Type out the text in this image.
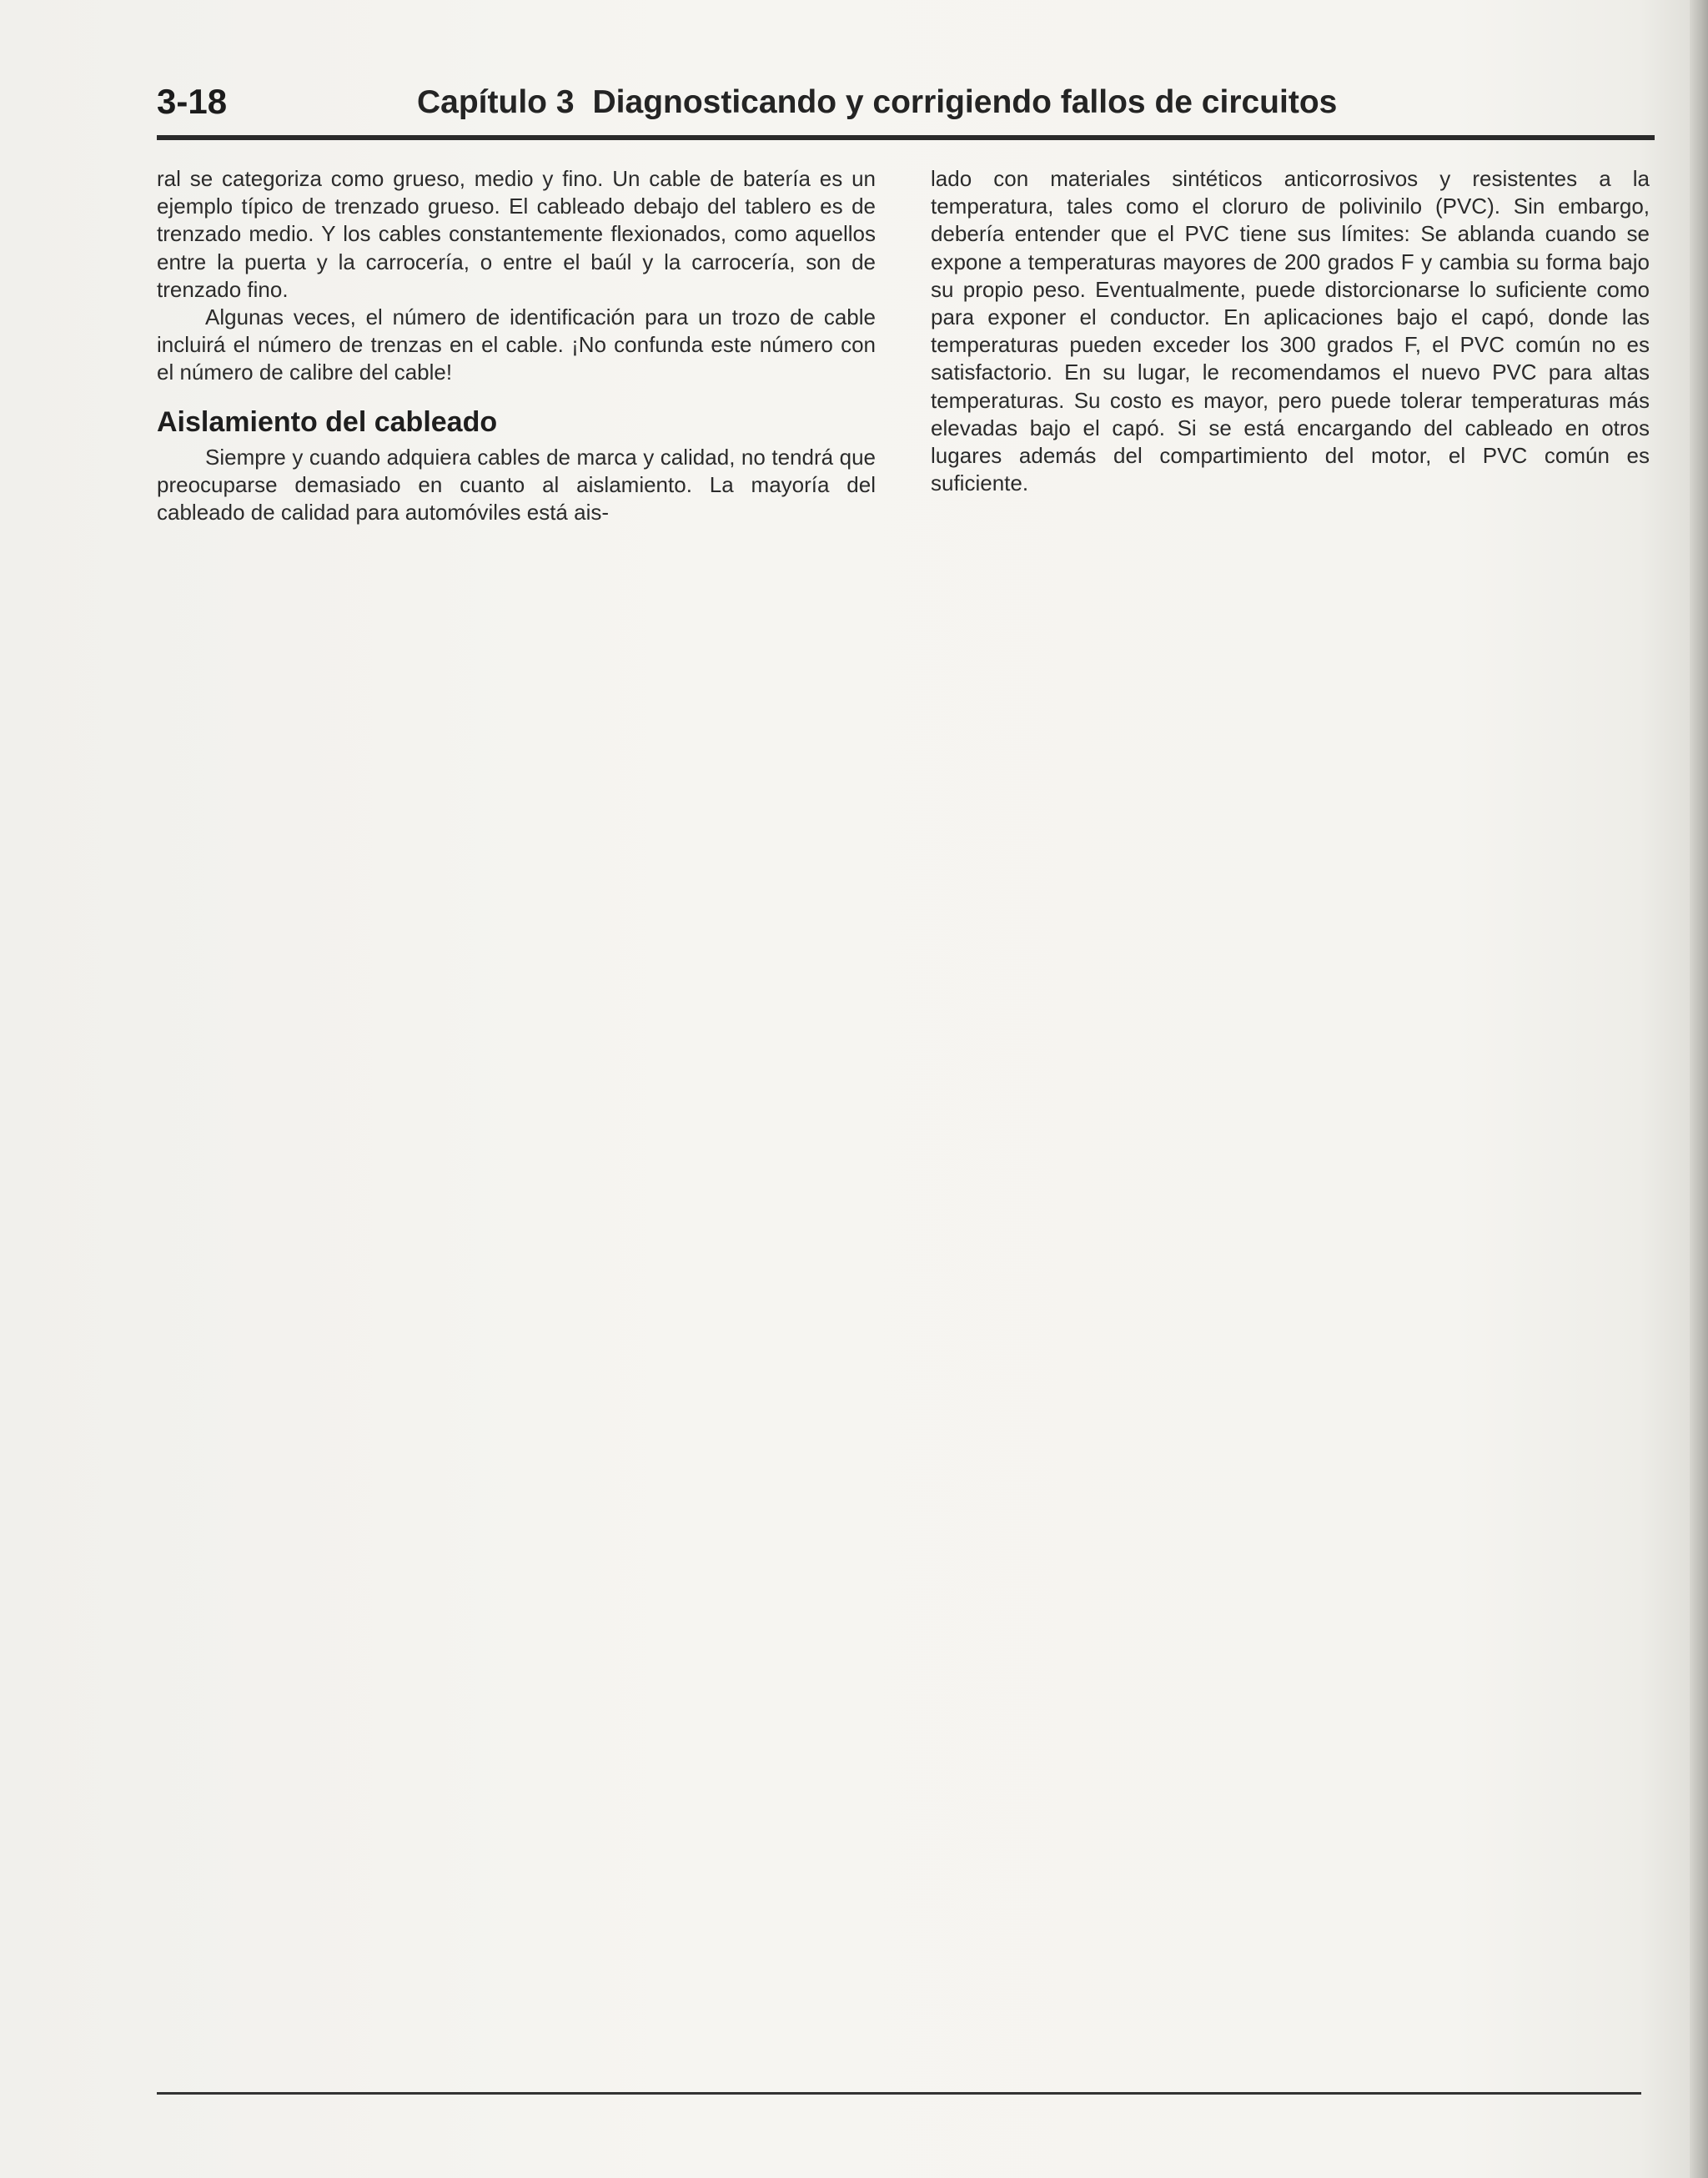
3-18	Capítulo 3 Diagnosticando y corrigiendo fallos de circuitos

ral se categoriza como grueso, medio y fino. Un cable de batería es un ejemplo típico de trenzado grueso. El cableado debajo del tablero es de trenzado medio. Y los cables constantemente flexionados, como aquellos entre la puerta y la carrocería, o entre el baúl y la carrocería, son de trenzado fino.

Algunas veces, el número de identificación para un trozo de cable incluirá el número de trenzas en el cable. ¡No confunda este número con el número de calibre del cable!

Aislamiento del cableado

Siempre y cuando adquiera cables de marca y calidad, no tendrá que preocuparse demasiado en cuanto al aislamiento. La mayoría del cableado de calidad para automóviles está ais-

lado con materiales sintéticos anticorrosivos y resistentes a la temperatura, tales como el cloruro de polivinilo (PVC). Sin embargo, debería entender que el PVC tiene sus límites: Se ablanda cuando se expone a temperaturas mayores de 200 grados F y cambia su forma bajo su propio peso. Eventualmente, puede distorcionarse lo suficiente como para exponer el conductor. En aplicaciones bajo el capó, donde las temperaturas pueden exceder los 300 grados F, el PVC común no es satisfactorio. En su lugar, le recomendamos el nuevo PVC para altas temperaturas. Su costo es mayor, pero puede tolerar temperaturas más elevadas bajo el capó. Si se está encargando del cableado en otros lugares además del compartimiento del motor, el PVC común es suficiente.
